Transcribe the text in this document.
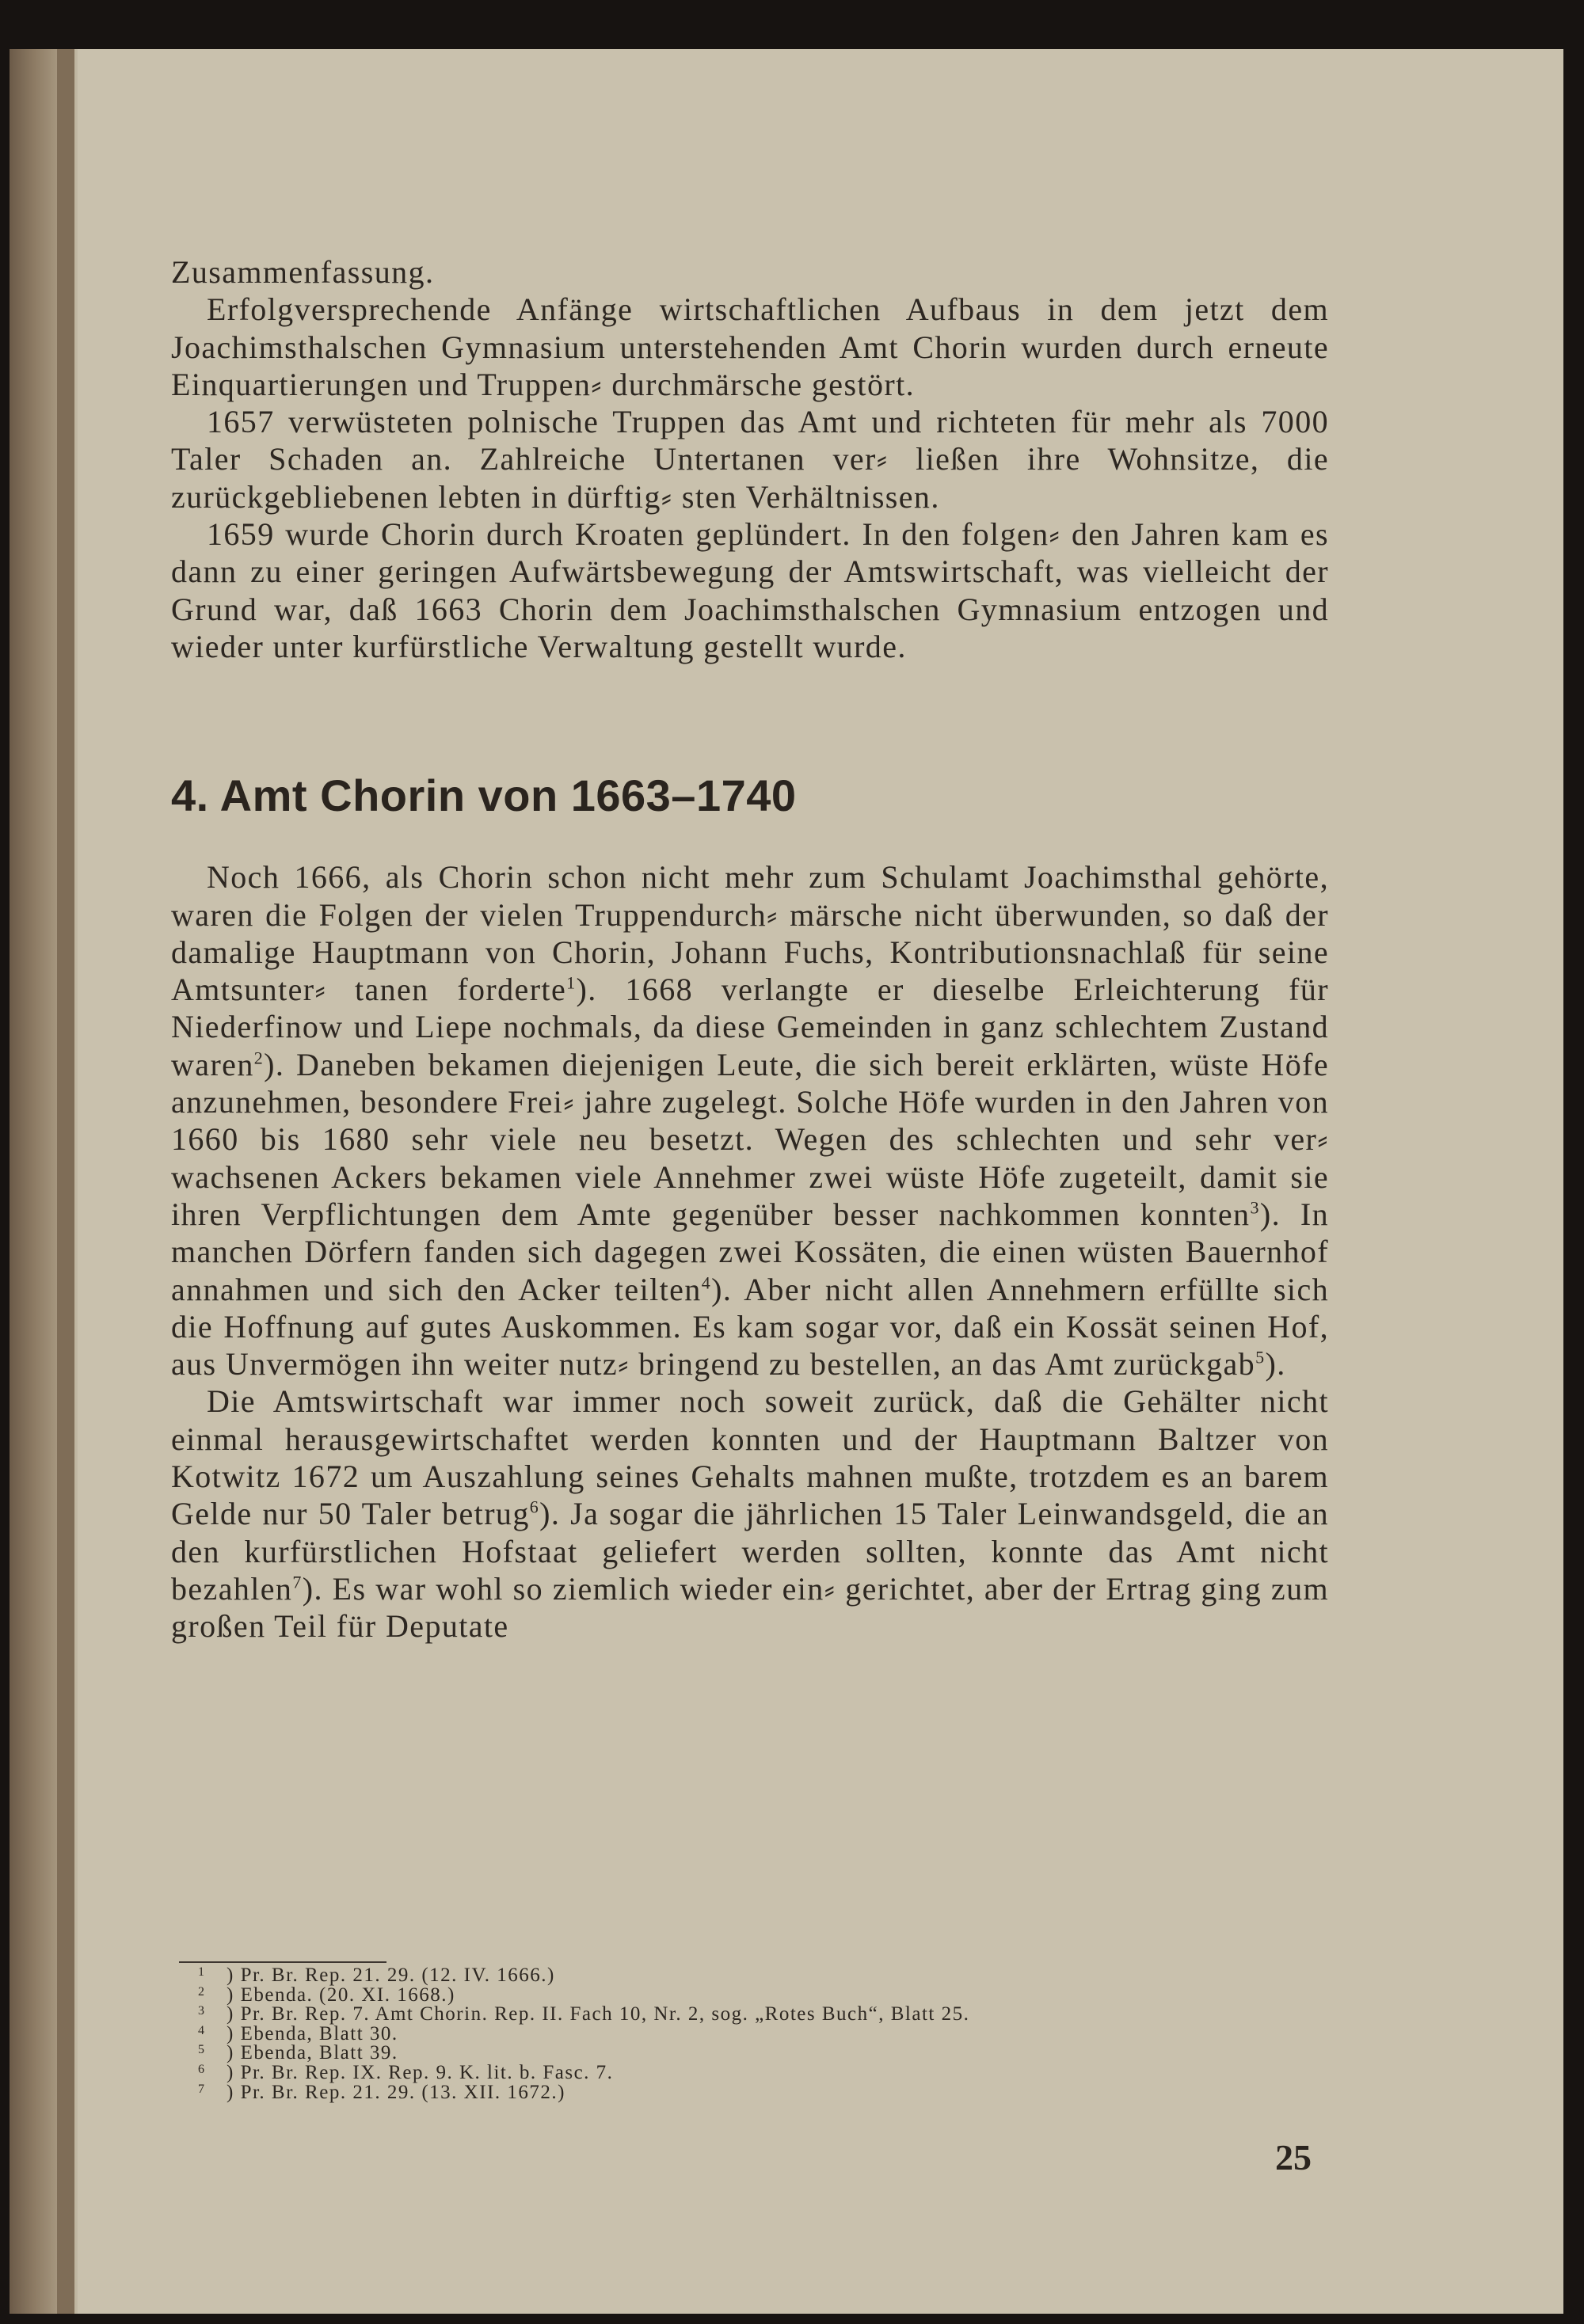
Zusammenfassung.

Erfolgversprechende Anfänge wirtschaftlichen Aufbaus in dem jetzt dem Joachimsthalschen Gymnasium unterstehenden Amt Chorin wurden durch erneute Einquartierungen und Truppen⸗ durchmärsche gestört.

1657 verwüsteten polnische Truppen das Amt und richteten für mehr als 7000 Taler Schaden an. Zahlreiche Untertanen ver⸗ ließen ihre Wohnsitze, die zurückgebliebenen lebten in dürftig⸗ sten Verhältnissen.

1659 wurde Chorin durch Kroaten geplündert. In den folgen⸗ den Jahren kam es dann zu einer geringen Aufwärtsbewegung der Amtswirtschaft, was vielleicht der Grund war, daß 1663 Chorin dem Joachimsthalschen Gymnasium entzogen und wieder unter kurfürstliche Verwaltung gestellt wurde.

4. Amt Chorin von 1663–1740

Noch 1666, als Chorin schon nicht mehr zum Schulamt Joachimsthal gehörte, waren die Folgen der vielen Truppendurch⸗ märsche nicht überwunden, so daß der damalige Hauptmann von Chorin, Johann Fuchs, Kontributionsnachlaß für seine Amtsunter⸗ tanen forderte$^1$). 1668 verlangte er dieselbe Erleichterung für Niederfinow und Liepe nochmals, da diese Gemeinden in ganz schlechtem Zustand waren$^2$). Daneben bekamen diejenigen Leute, die sich bereit erklärten, wüste Höfe anzunehmen, besondere Frei⸗ jahre zugelegt. Solche Höfe wurden in den Jahren von 1660 bis 1680 sehr viele neu besetzt. Wegen des schlechten und sehr ver⸗ wachsenen Ackers bekamen viele Annehmer zwei wüste Höfe zugeteilt, damit sie ihren Verpflichtungen dem Amte gegenüber besser nachkommen konnten$^3$). In manchen Dörfern fanden sich dagegen zwei Kossäten, die einen wüsten Bauernhof annahmen und sich den Acker teilten$^4$). Aber nicht allen Annehmern erfüllte sich die Hoffnung auf gutes Auskommen. Es kam sogar vor, daß ein Kossät seinen Hof, aus Unvermögen ihn weiter nutz⸗ bringend zu bestellen, an das Amt zurückgab$^5$).

Die Amtswirtschaft war immer noch soweit zurück, daß die Gehälter nicht einmal herausgewirtschaftet werden konnten und der Hauptmann Baltzer von Kotwitz 1672 um Auszahlung seines Gehalts mahnen mußte, trotzdem es an barem Gelde nur 50 Taler betrug$^6$). Ja sogar die jährlichen 15 Taler Leinwandsgeld, die an den kurfürstlichen Hofstaat geliefert werden sollten, konnte das Amt nicht bezahlen$^7$). Es war wohl so ziemlich wieder ein⸗ gerichtet, aber der Ertrag ging zum großen Teil für Deputate

1 ) Pr. Br. Rep. 21. 29. (12. IV. 1666.)
2 ) Ebenda. (20. XI. 1668.)
3 ) Pr. Br. Rep. 7. Amt Chorin. Rep. II. Fach 10, Nr. 2, sog. „Rotes Buch“, Blatt 25.
4 ) Ebenda, Blatt 30.
5 ) Ebenda, Blatt 39.
6 ) Pr. Br. Rep. IX. Rep. 9. K. lit. b. Fasc. 7.
7 ) Pr. Br. Rep. 21. 29. (13. XII. 1672.)
25
